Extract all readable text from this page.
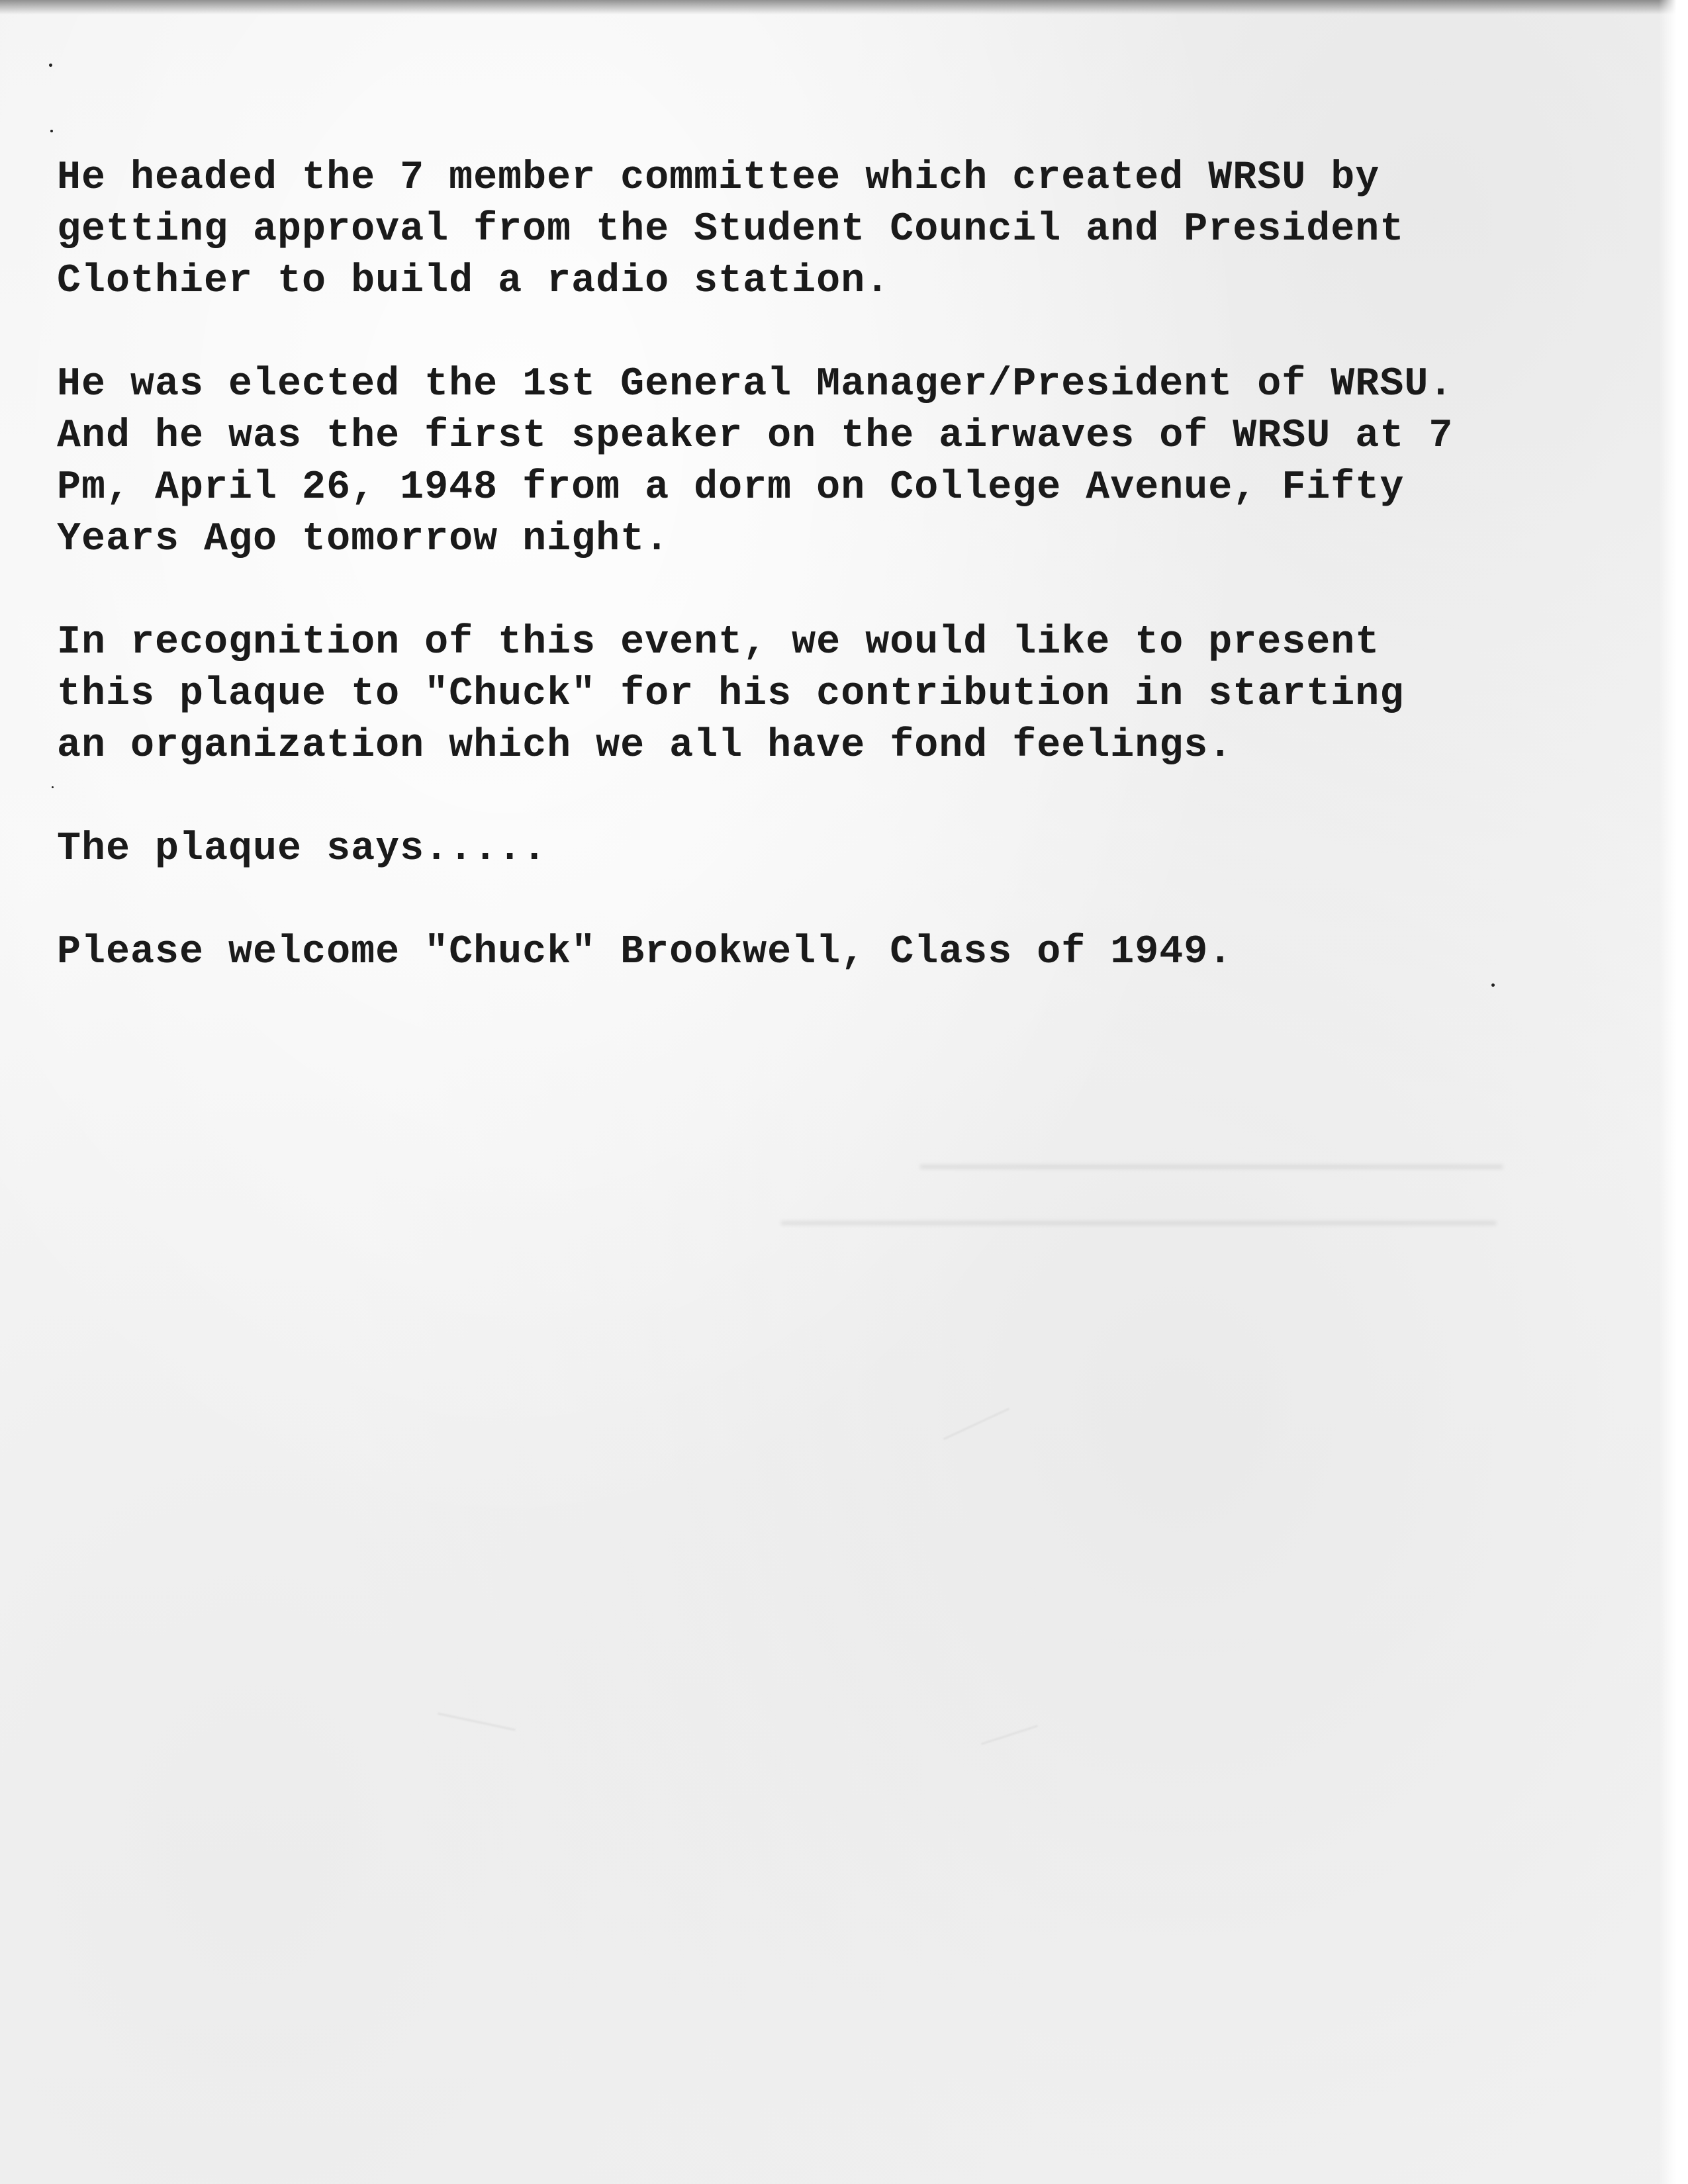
He headed the 7 member committee which created WRSU by
getting approval from the Student Council and President
Clothier to build a radio station.
He was elected the 1st General Manager/President of WRSU.
And he was the first speaker on the airwaves of WRSU at 7
Pm, April 26, 1948 from a dorm on College Avenue, Fifty
Years Ago tomorrow night.
In recognition of this event, we would like to present
this plaque to "Chuck" for his contribution in starting
an organization which we all have fond feelings.
The plaque says.....
Please welcome "Chuck" Brookwell, Class of 1949.
